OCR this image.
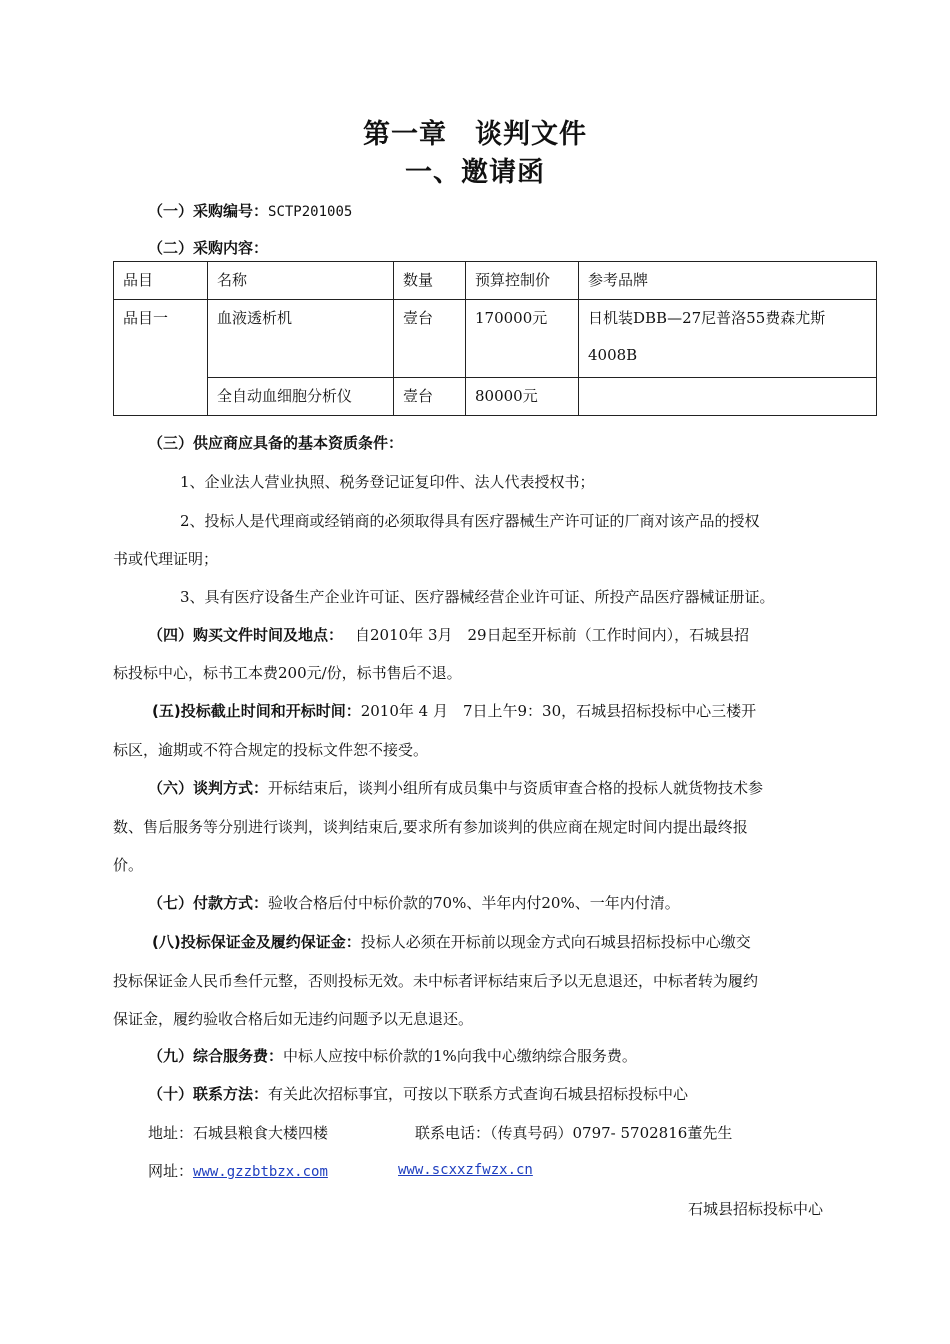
第一章　谈判文件
一、邀请函
（一）采购编号：SCTP201005
（二）采购内容：
品目	名称	数量	预算控制价	参考品牌
品目一	血液透析机	壹台	170000元	日机装DBB—27尼普洛55费森尤斯
4008B

	全自动血细胞分析仪	壹台	80000元	
（三）供应商应具备的基本资质条件：
1、企业法人营业执照、税务登记证复印件、法人代表授权书；
2、投标人是代理商或经销商的必须取得具有医疗器械生产许可证的厂商对该产品的授权
书或代理证明；
3、具有医疗设备生产企业许可证、医疗器械经营企业许可证、所投产品医疗器械证册证。
（四）购买文件时间及地点： 自2010年 3月　29日起至开标前（工作时间内），石城县招
标投标中心，标书工本费200元/份，标书售后不退。
(五)投标截止时间和开标时间：2010年 4 月　7日上午9：30，石城县招标投标中心三楼开
标区，逾期或不符合规定的投标文件恕不接受。
（六）谈判方式：开标结束后，谈判小组所有成员集中与资质审查合格的投标人就货物技术参
数、售后服务等分别进行谈判，谈判结束后,要求所有参加谈判的供应商在规定时间内提出最终报
价。
（七）付款方式：验收合格后付中标价款的70%、半年内付20%、一年内付清。
(八)投标保证金及履约保证金：投标人必须在开标前以现金方式向石城县招标投标中心缴交
投标保证金人民币叁仟元整，否则投标无效。未中标者评标结束后予以无息退还，中标者转为履约
保证金，履约验收合格后如无违约问题予以无息退还。
（九）综合服务费：中标人应按中标价款的1%向我中心缴纳综合服务费。
（十）联系方法：有关此次招标事宜，可按以下联系方式查询石城县招标投标中心
地址：石城县粮食大楼四楼	联系电话：（传真号码）0797- 5702816董先生
网址：www.gzzbtbzx.com	www.scxxzfwzx.cn
石城县招标投标中心
